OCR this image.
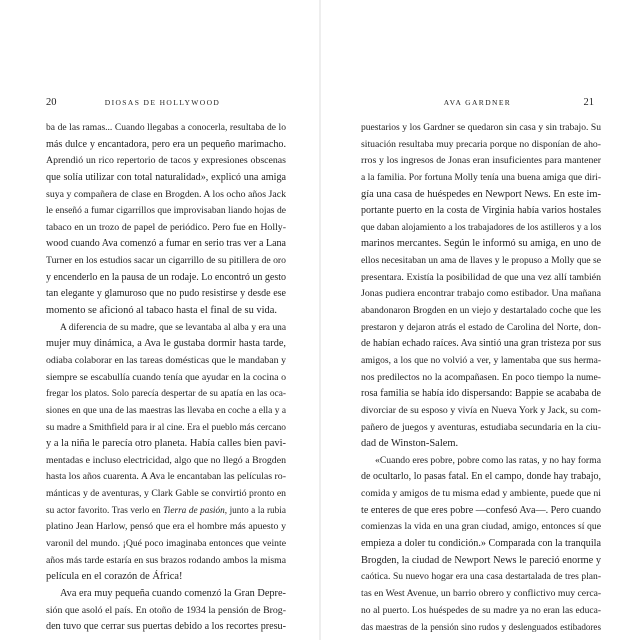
20	DIOSAS DE HOLLYWOOD
ba de las ramas... Cuando llegabas a conocerla, resultaba de lo
más dulce y encantadora, pero era un pequeño marimacho.
Aprendió un rico repertorio de tacos y expresiones obscenas
que solía utilizar con total naturalidad», explicó una amiga
suya y compañera de clase en Brogden. A los ocho años Jack
le enseñó a fumar cigarrillos que improvisaban liando hojas de
tabaco en un trozo de papel de periódico. Pero fue en Holly-
wood cuando Ava comenzó a fumar en serio tras ver a Lana
Turner en los estudios sacar un cigarrillo de su pitillera de oro
y encenderlo en la pausa de un rodaje. Lo encontró un gesto
tan elegante y glamuroso que no pudo resistirse y desde ese
momento se aficionó al tabaco hasta el final de su vida.
A diferencia de su madre, que se levantaba al alba y era una
mujer muy dinámica, a Ava le gustaba dormir hasta tarde,
odiaba colaborar en las tareas domésticas que le mandaban y
siempre se escabullía cuando tenía que ayudar en la cocina o
fregar los platos. Solo parecía despertar de su apatía en las oca-
siones en que una de las maestras las llevaba en coche a ella y a
su madre a Smithfield para ir al cine. Era el pueblo más cercano
y a la niña le parecía otro planeta. Había calles bien pavi-
mentadas e incluso electricidad, algo que no llegó a Brogden
hasta los años cuarenta. A Ava le encantaban las películas ro-
mánticas y de aventuras, y Clark Gable se convirtió pronto en
su actor favorito. Tras verlo en Tierra de pasión, junto a la rubia
platino Jean Harlow, pensó que era el hombre más apuesto y
varonil del mundo. ¡Qué poco imaginaba entonces que veinte
años más tarde estaría en sus brazos rodando ambos la misma
película en el corazón de África!
Ava era muy pequeña cuando comenzó la Gran Depre-
sión que asoló el país. En otoño de 1934 la pensión de Brog-
den tuvo que cerrar sus puertas debido a los recortes presu-
AVA GARDNER	21
puestarios y los Gardner se quedaron sin casa y sin trabajo. Su
situación resultaba muy precaria porque no disponían de aho-
rros y los ingresos de Jonas eran insuficientes para mantener
a la familia. Por fortuna Molly tenía una buena amiga que diri-
gía una casa de huéspedes en Newport News. En este im-
portante puerto en la costa de Virginia había varios hostales
que daban alojamiento a los trabajadores de los astilleros y a los
marinos mercantes. Según le informó su amiga, en uno de
ellos necesitaban un ama de llaves y le propuso a Molly que se
presentara. Existía la posibilidad de que una vez allí también
Jonas pudiera encontrar trabajo como estibador. Una mañana
abandonaron Brogden en un viejo y destartalado coche que les
prestaron y dejaron atrás el estado de Carolina del Norte, don-
de habían echado raíces. Ava sintió una gran tristeza por sus
amigos, a los que no volvió a ver, y lamentaba que sus herma-
nos predilectos no la acompañasen. En poco tiempo la nume-
rosa familia se había ido dispersando: Bappie se acababa de
divorciar de su esposo y vivía en Nueva York y Jack, su com-
pañero de juegos y aventuras, estudiaba secundaria en la ciu-
dad de Winston-Salem.
«Cuando eres pobre, pobre como las ratas, y no hay forma
de ocultarlo, lo pasas fatal. En el campo, donde hay trabajo,
comida y amigos de tu misma edad y ambiente, puede que ni
te enteres de que eres pobre —confesó Ava—. Pero cuando
comienzas la vida en una gran ciudad, amigo, entonces sí que
empieza a doler tu condición.» Comparada con la tranquila
Brogden, la ciudad de Newport News le pareció enorme y
caótica. Su nuevo hogar era una casa destartalada de tres plan-
tas en West Avenue, un barrio obrero y conflictivo muy cerca-
no al puerto. Los huéspedes de su madre ya no eran las educa-
das maestras de la pensión sino rudos y deslenguados estibadores
